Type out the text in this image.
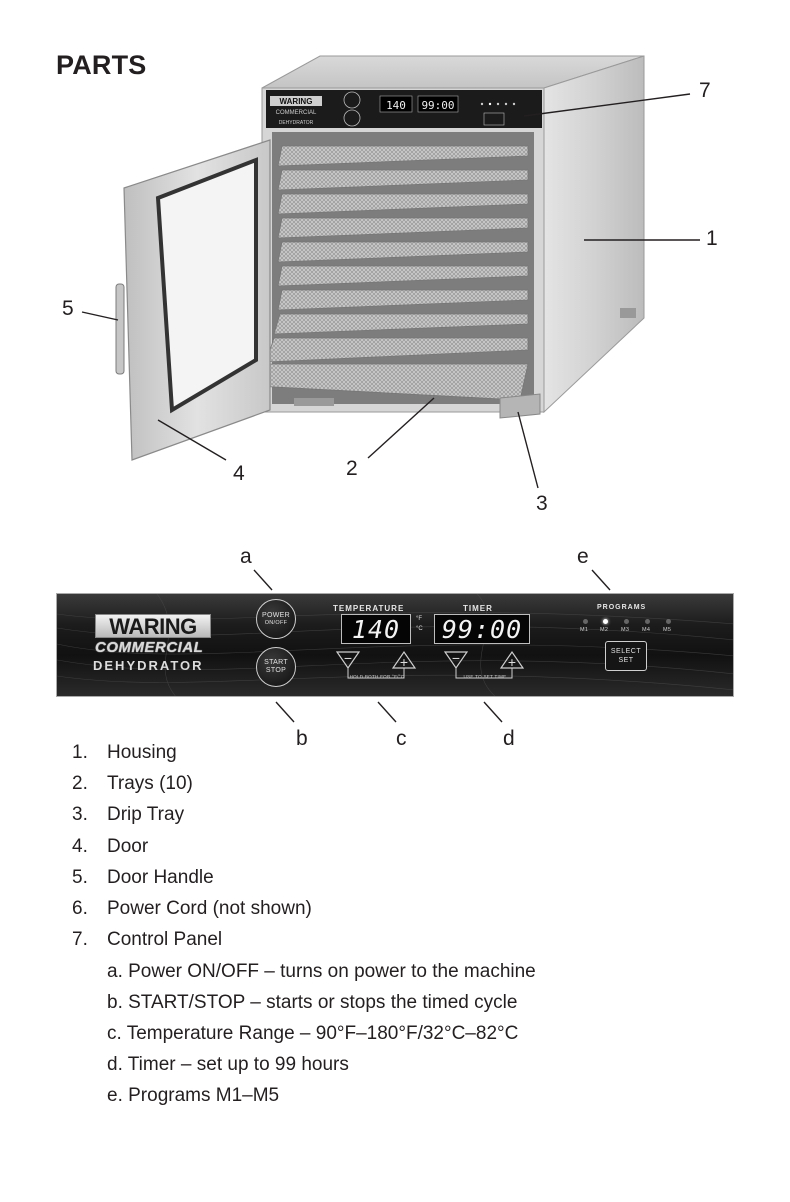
PARTS
WARING
COMMERCIAL
DEHYDRATOR
140 99:00
7
1
5
4	2
3
a	e
b	c	d
WARING
COMMERCIAL
DEHYDRATOR
POWER
ON/OFF
START
STOP
TEMPERATURE
140	°F
°C
TIMER
99:00
−	+
HOLD BOTH FOR °F/°C
−	+
USE TO SET TIME
PROGRAMS
M1 M2 M3 M4 M5
SELECT
SET
1.	Housing
2.	Trays (10)
3.	Drip Tray
4.	Door
5.	Door Handle
6.	Power Cord (not shown)
7.	Control Panel
a. Power ON/OFF – turns on power to the machine
b. START/STOP – starts or stops the timed cycle
c. Temperature Range – 90°F–180°F/32°C–82°C
d. Timer – set up to 99 hours
e. Programs M1–M5
